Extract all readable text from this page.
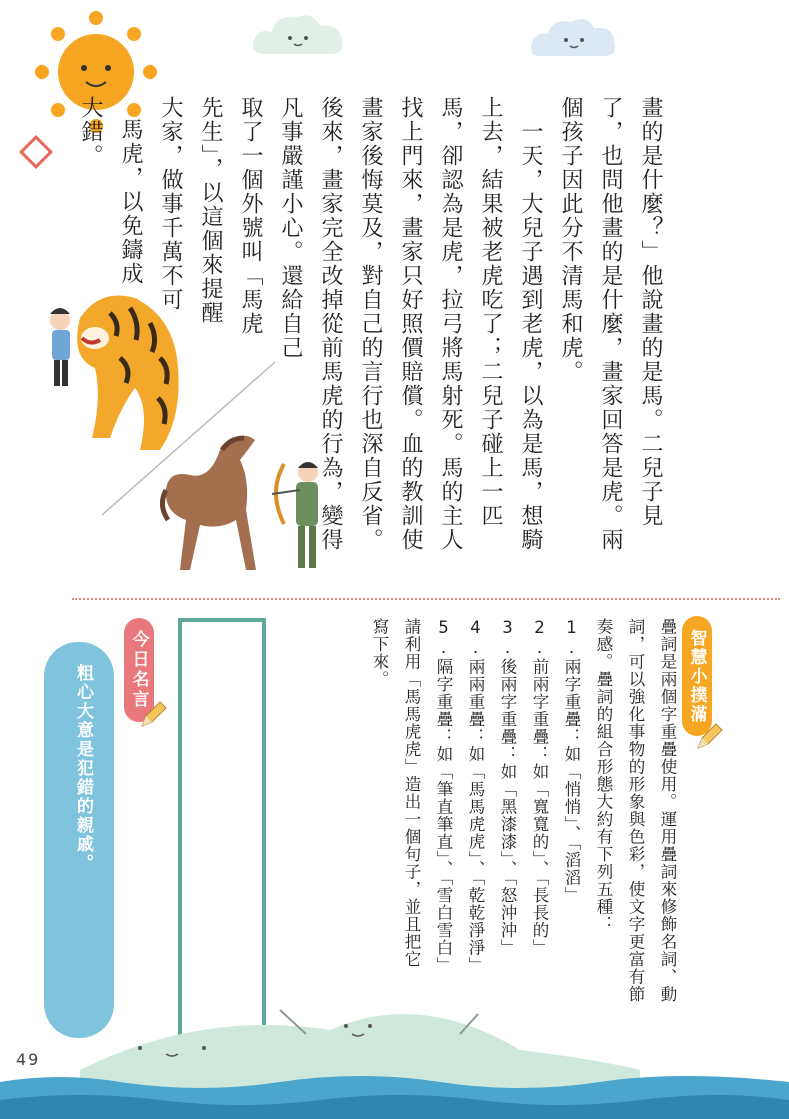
畫的是什麼？」他說畫的是馬。二兒子見
了，也問他畫的是什麼，畫家回答是虎。兩
個孩子因此分不清馬和虎。
　一天，大兒子遇到老虎，以為是馬，想騎
上去，結果被老虎吃了；二兒子碰上一匹
馬，卻認為是虎，拉弓將馬射死。馬的主人
找上門來，畫家只好照價賠償。血的教訓使
畫家後悔莫及，對自己的言行也深自反省。
後來，畫家完全改掉從前馬虎的行為，變得
凡事嚴謹小心。還給自己
取了一個外號叫「馬虎
先生」，以這個來提醒
大家，做事千萬不可
馬虎，以免鑄成
大錯。
智慧小撲滿
疊詞是兩個字重疊使用。運用疊詞來修飾名詞、動
詞，可以強化事物的形象與色彩，使文字更富有節
奏感。疊詞的組合形態大約有下列五種：
1.兩字重疊：如「悄悄」、「滔滔」
2.前兩字重疊：如「寬寬的」、「長長的」
3.後兩字重疊：如「黑漆漆」、「怒沖沖」
4.兩兩重疊：如「馬馬虎虎」、「乾乾淨淨」
5.隔字重疊：如「筆直筆直」、「雪白雪白」
請利用「馬馬虎虎」造出一個句子，並且把它
寫下來。
今日名言
粗心大意是犯錯的親戚。
49
